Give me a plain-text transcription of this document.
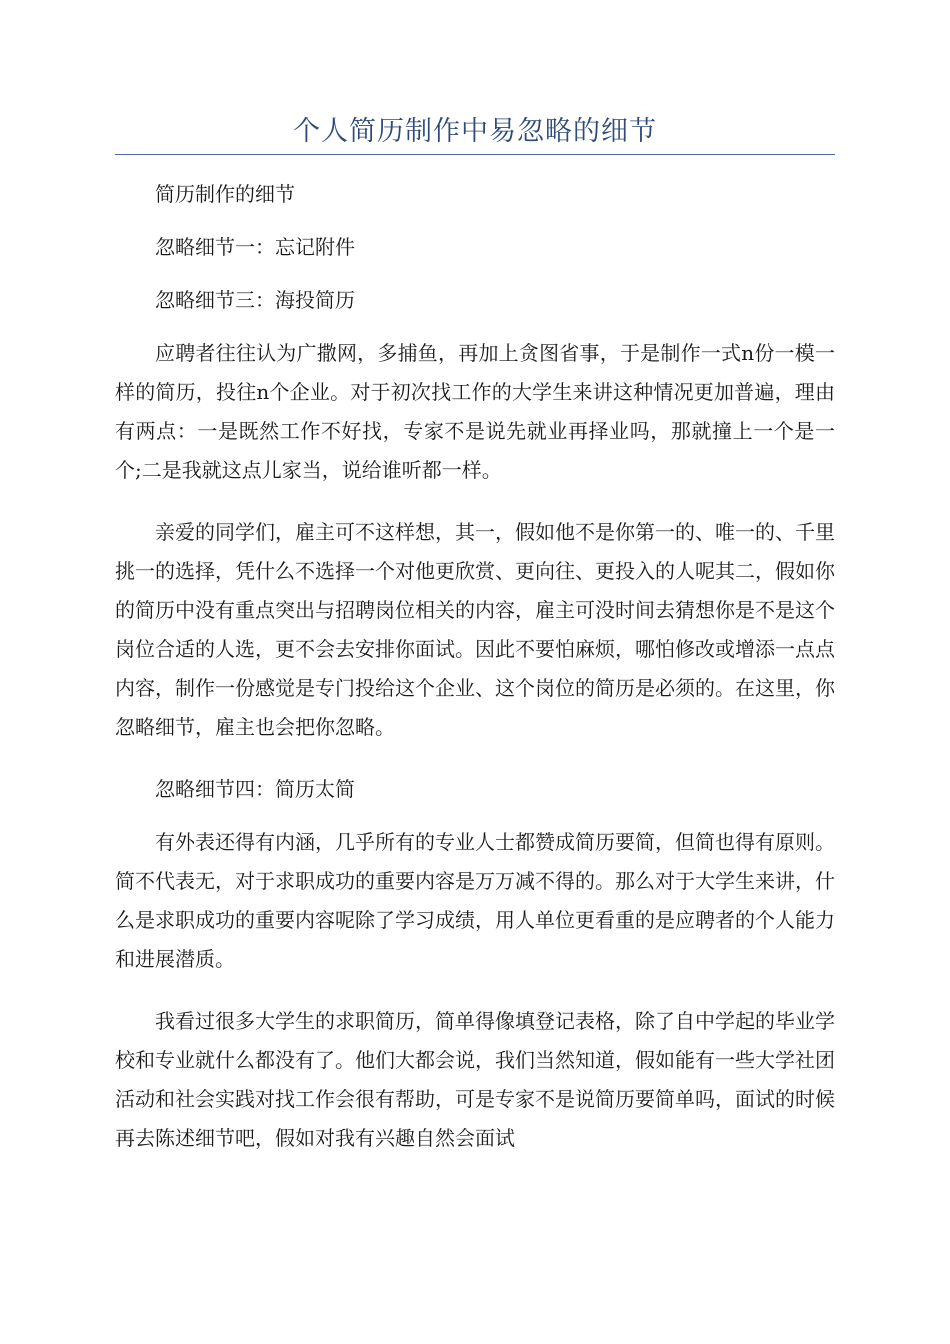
个人简历制作中易忽略的细节

简历制作的细节

忽略细节一：忘记附件

忽略细节三：海投简历

应聘者往往认为广撒网，多捕鱼，再加上贪图省事，于是制作一式n份一模一样的简历，投往n个企业。对于初次找工作的大学生来讲这种情况更加普遍，理由有两点：一是既然工作不好找，专家不是说先就业再择业吗，那就撞上一个是一个;二是我就这点儿家当，说给谁听都一样。

亲爱的同学们，雇主可不这样想，其一，假如他不是你第一的、唯一的、千里挑一的选择，凭什么不选择一个对他更欣赏、更向往、更投入的人呢其二，假如你的简历中没有重点突出与招聘岗位相关的内容，雇主可没时间去猜想你是不是这个岗位合适的人选，更不会去安排你面试。因此不要怕麻烦，哪怕修改或增添一点点内容，制作一份感觉是专门投给这个企业、这个岗位的简历是必须的。在这里，你忽略细节，雇主也会把你忽略。

忽略细节四：简历太简

有外表还得有内涵，几乎所有的专业人士都赞成简历要简，但简也得有原则。简不代表无，对于求职成功的重要内容是万万减不得的。那么对于大学生来讲，什么是求职成功的重要内容呢除了学习成绩，用人单位更看重的是应聘者的个人能力和进展潜质。

我看过很多大学生的求职简历，简单得像填登记表格，除了自中学起的毕业学校和专业就什么都没有了。他们大都会说，我们当然知道，假如能有一些大学社团活动和社会实践对找工作会很有帮助，可是专家不是说简历要简单吗，面试的时候再去陈述细节吧，假如对我有兴趣自然会面试
